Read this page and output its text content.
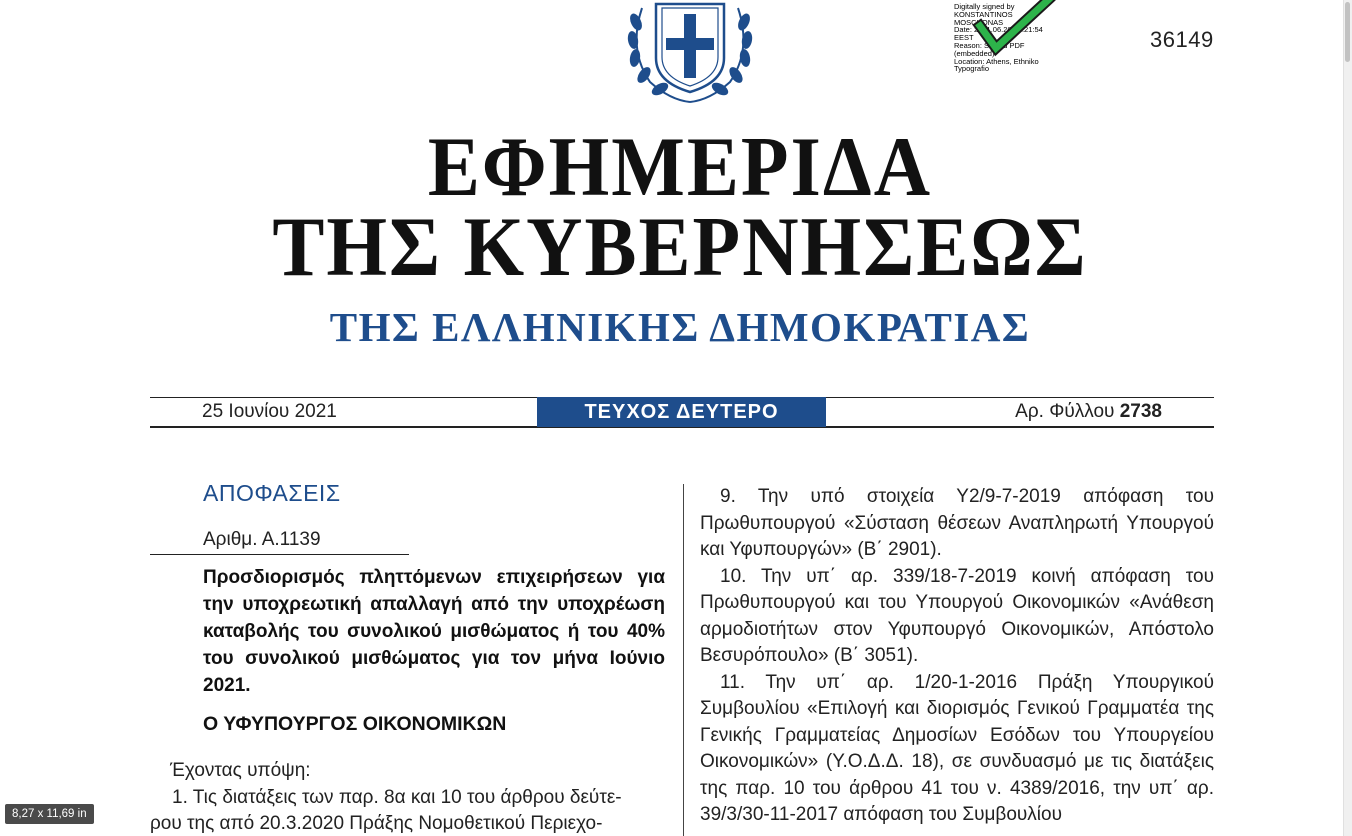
Digitally signed by
KONSTANTINOS
MOSCHONAS
Date: 2021.06.26 01:21:54
EEST
Reason: Signed PDF
(embedded)
Location: Athens, Ethniko
Typografio
36149
ΕΦΗΜΕΡΙΔΑ
ΤΗΣ ΚΥΒΕΡΝΗΣΕΩΣ
ΤΗΣ ΕΛΛΗΝΙΚΗΣ ΔΗΜΟΚΡΑΤΙΑΣ
25 Ιουνίου 2021	ΤΕΥΧΟΣ ΔΕΥΤΕΡΟ	Αρ. Φύλλου 2738
ΑΠΟΦΑΣΕΙΣ
Αριθμ. Α.1139
Προσδιορισμός πληττόμενων επιχειρήσεων για την υποχρεωτική απαλλαγή από την υποχρέωση καταβολής του συνολικού μισθώματος ή του 40% του συνολικού μισθώματος για τον μήνα Ιούνιο 2021.
Ο ΥΦΥΠΟΥΡΓΟΣ ΟΙΚΟΝΟΜΙΚΩΝ
Έχοντας υπόψη:
1. Τις διατάξεις των παρ. 8α και 10 του άρθρου δεύτε-
ρου της από 20.3.2020 Πράξης Νομοθετικού Περιεχο-

9. Την υπό στοιχεία Υ2/9-7-2019 απόφαση του Πρωθυπουργού «Σύσταση θέσεων Αναπληρωτή Υπουργού και Υφυπουργών» (Β΄ 2901).

10. Την υπ΄ αρ. 339/18-7-2019 κοινή απόφαση του Πρωθυπουργού και του Υπουργού Οικονομικών «Ανάθεση αρμοδιοτήτων στον Υφυπουργό Οικονομικών, Απόστολο Βεσυρόπουλο» (Β΄ 3051).

11. Την υπ΄ αρ. 1/20-1-2016 Πράξη Υπουργικού Συμβουλίου «Επιλογή και διορισμός Γενικού Γραμματέα της Γενικής Γραμματείας Δημοσίων Εσόδων του Υπουργείου Οικονομικών» (Υ.Ο.Δ.Δ. 18), σε συνδυασμό με τις διατάξεις της παρ. 10 του άρθρου 41 του ν. 4389/2016, την υπ΄ αρ. 39/3/30-11-2017 απόφαση του Συμβουλίου

8,27 x 11,69 in
